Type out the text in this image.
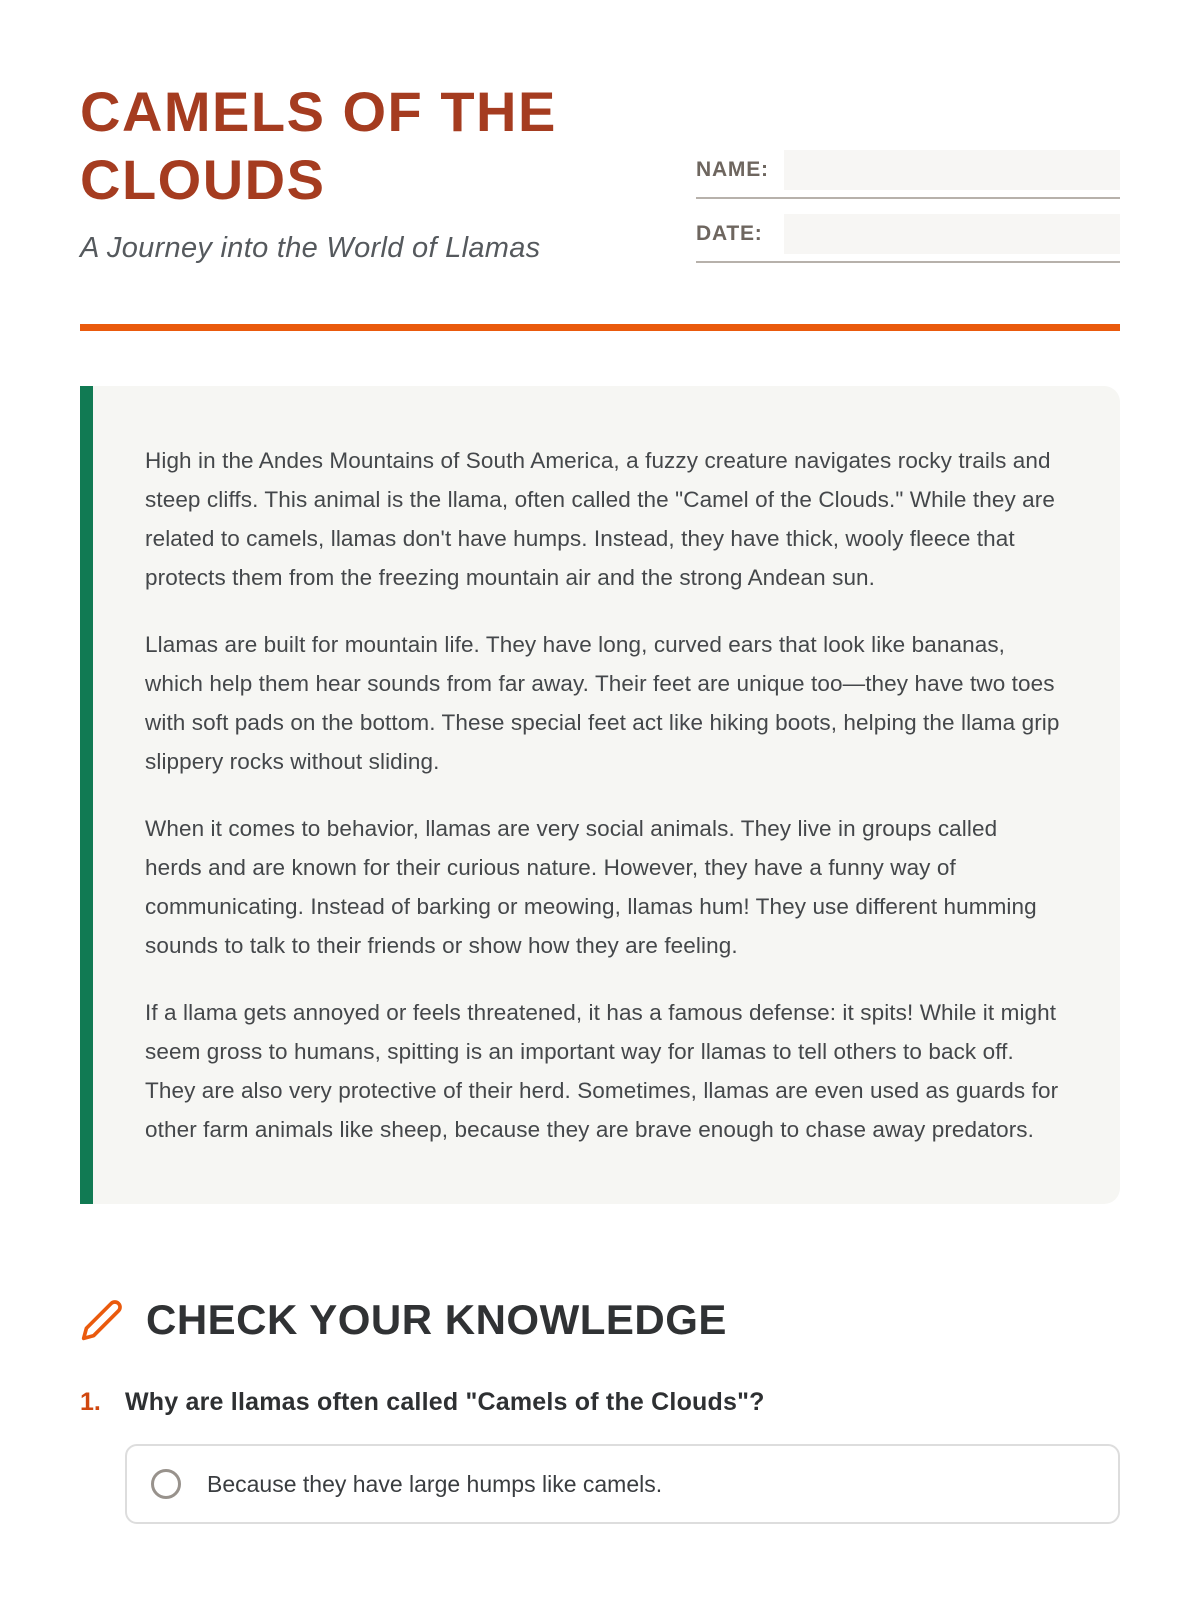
CAMELS OF THE CLOUDS
A Journey into the World of Llamas
NAME:
DATE:

High in the Andes Mountains of South America, a fuzzy creature navigates rocky trails and steep cliffs. This animal is the llama, often called the "Camel of the Clouds." While they are related to camels, llamas don't have humps. Instead, they have thick, wooly fleece that protects them from the freezing mountain air and the strong Andean sun.

Llamas are built for mountain life. They have long, curved ears that look like bananas, which help them hear sounds from far away. Their feet are unique too—they have two toes with soft pads on the bottom. These special feet act like hiking boots, helping the llama grip slippery rocks without sliding.

When it comes to behavior, llamas are very social animals. They live in groups called herds and are known for their curious nature. However, they have a funny way of communicating. Instead of barking or meowing, llamas hum! They use different humming sounds to talk to their friends or show how they are feeling.

If a llama gets annoyed or feels threatened, it has a famous defense: it spits! While it might seem gross to humans, spitting is an important way for llamas to tell others to back off. They are also very protective of their herd. Sometimes, llamas are even used as guards for other farm animals like sheep, because they are brave enough to chase away predators.

CHECK YOUR KNOWLEDGE
1. Why are llamas often called "Camels of the Clouds"?
Because they have large humps like camels.
